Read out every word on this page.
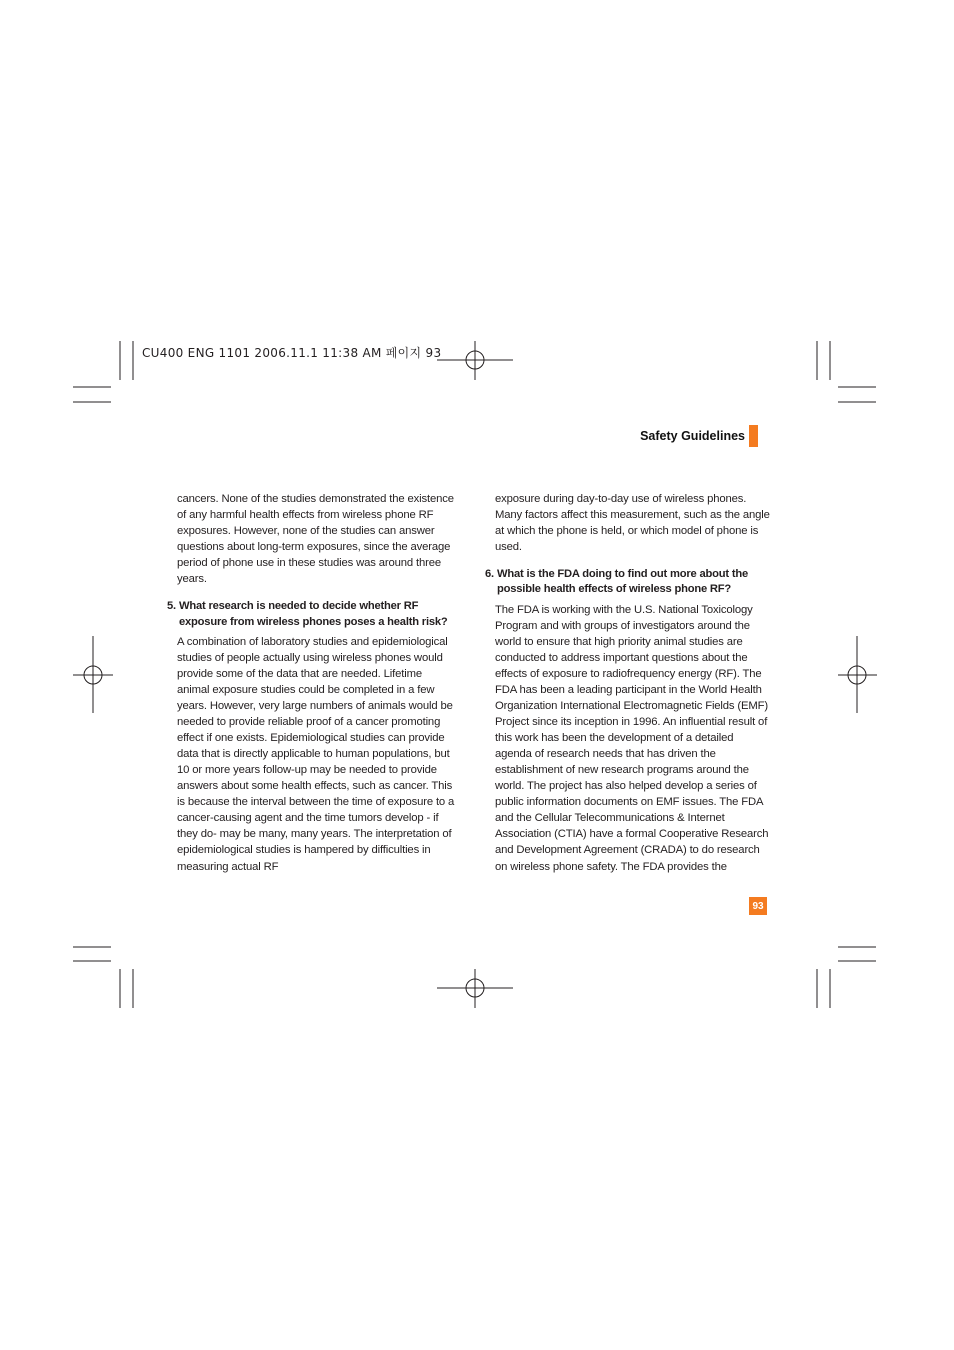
CU400 ENG 1101 2006.11.1 11:38 AM 페이지 93
Safety Guidelines

cancers. None of the studies demonstrated the existence of any harmful health effects from wireless phone RF exposures. However, none of the studies can answer questions about long-term exposures, since the average period of phone use in these studies was around three years.

5. What research is needed to decide whether RF exposure from wireless phones poses a health risk?

A combination of laboratory studies and epidemiological studies of people actually using wireless phones would provide some of the data that are needed. Lifetime animal exposure studies could be completed in a few years. However, very large numbers of animals would be needed to provide reliable proof of a cancer promoting effect if one exists. Epidemiological studies can provide data that is directly applicable to human populations, but 10 or more years follow-up may be needed to provide answers about some health effects, such as cancer. This is because the interval between the time of exposure to a cancer-causing agent and the time tumors develop - if they do- may be many, many years. The interpretation of epidemiological studies is hampered by difficulties in measuring actual RF

exposure during day-to-day use of wireless phones. Many factors affect this measurement, such as the angle at which the phone is held, or which model of phone is used.

6. What is the FDA doing to find out more about the possible health effects of wireless phone RF?

The FDA is working with the U.S. National Toxicology Program and with groups of investigators around the world to ensure that high priority animal studies are conducted to address important questions about the effects of exposure to radiofrequency energy (RF). The FDA has been a leading participant in the World Health Organization International Electromagnetic Fields (EMF) Project since its inception in 1996. An influential result of this work has been the development of a detailed agenda of research needs that has driven the establishment of new research programs around the world. The project has also helped develop a series of public information documents on EMF issues. The FDA and the Cellular Telecommunications & Internet Association (CTIA) have a formal Cooperative Research and Development Agreement (CRADA) to do research on wireless phone safety. The FDA provides the

93
